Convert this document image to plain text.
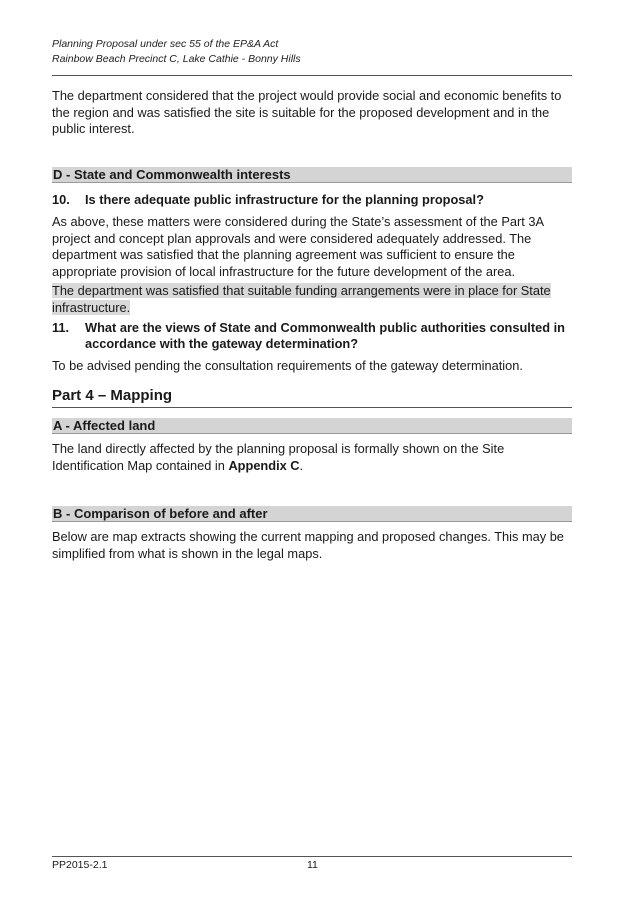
Planning Proposal under sec 55 of the EP&A Act
Rainbow Beach Precinct C, Lake Cathie - Bonny Hills

The department considered that the project would provide social and economic benefits to the region and was satisfied the site is suitable for the proposed development and in the public interest.

D - State and Commonwealth interests
10. Is there adequate public infrastructure for the planning proposal?

As above, these matters were considered during the State’s assessment of the Part 3A project and concept plan approvals and were considered adequately addressed. The department was satisfied that the planning agreement was sufficient to ensure the appropriate provision of local infrastructure for the future development of the area.

The department was satisfied that suitable funding arrangements were in place for State infrastructure.

11. What are the views of State and Commonwealth public authorities consulted in accordance with the gateway determination?

To be advised pending the consultation requirements of the gateway determination.

Part 4 – Mapping
A - Affected land

The land directly affected by the planning proposal is formally shown on the Site Identification Map contained in Appendix C.

B - Comparison of before and after

Below are map extracts showing the current mapping and proposed changes. This may be simplified from what is shown in the legal maps.

PP2015-2.1	11
